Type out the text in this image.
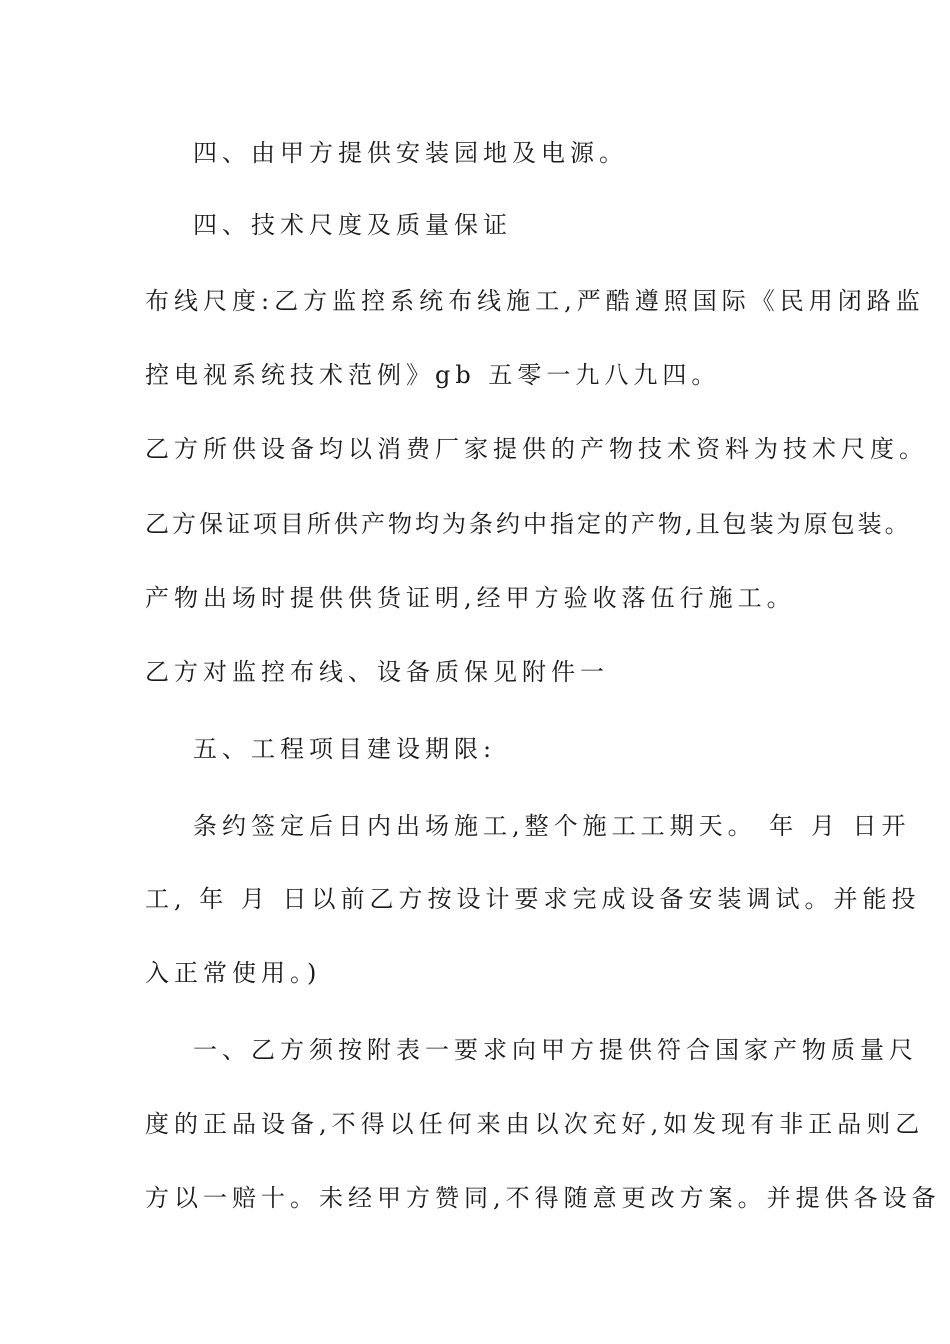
四、由甲方提供安装园地及电源。
四、技术尺度及质量保证
布线尺度:乙方监控系统布线施工,严酷遵照国际《民用闭路监
控电视系统技术范例》gb 五零一九八九四。
乙方所供设备均以消费厂家提供的产物技术资料为技术尺度。
乙方保证项目所供产物均为条约中指定的产物,且包装为原包装。
产物出场时提供供货证明,经甲方验收落伍行施工。
乙方对监控布线、设备质保见附件一
五、工程项目建设期限:
条约签定后日内出场施工,整个施工工期天。 年 月 日开
工, 年 月 日以前乙方按设计要求完成设备安装调试。并能投
入正常使用。)
一、乙方须按附表一要求向甲方提供符合国家产物质量尺
度的正品设备,不得以任何来由以次充好,如发现有非正品则乙
方以一赔十。未经甲方赞同,不得随意更改方案。并提供各设备
